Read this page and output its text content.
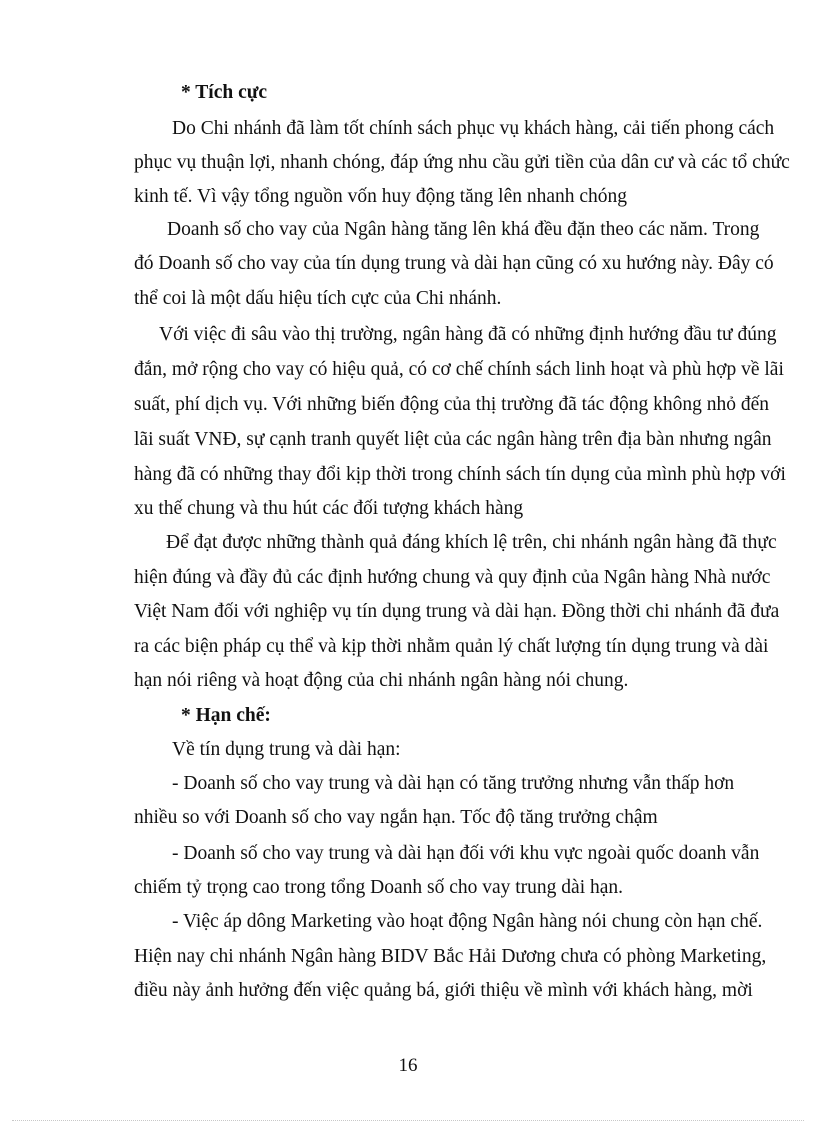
* Tích cực
Do Chi nhánh đã làm tốt chính sách phục vụ khách hàng, cải tiến phong cách
phục vụ thuận lợi, nhanh chóng, đáp ứng nhu cầu gửi tiền của dân cư và các tổ chức
kinh tế. Vì vậy tổng nguồn vốn huy động tăng lên nhanh chóng
Doanh số cho vay của Ngân hàng tăng lên khá đều đặn theo các năm. Trong
đó Doanh số cho vay của tín dụng trung và dài hạn cũng có xu hướng này. Đây có
thể coi là một dấu hiệu tích cực của Chi nhánh.
Với việc đi sâu vào thị trường, ngân hàng đã có những định hướng đầu tư đúng
đắn, mở rộng cho vay có hiệu quả, có cơ chế chính sách linh hoạt và phù hợp về lãi
suất, phí dịch vụ. Với những biến động của thị trường đã tác động không nhỏ đến
lãi suất VNĐ, sự cạnh tranh quyết liệt của các ngân hàng trên địa bàn nhưng ngân
hàng đã có những thay đổi kịp thời trong chính sách tín dụng của mình phù hợp với
xu thế chung và thu hút các đối tượng khách hàng
Để đạt được những thành quả đáng khích lệ trên, chi nhánh ngân hàng đã thực
hiện đúng và đầy đủ các định hướng chung và quy định của Ngân hàng Nhà nước
Việt Nam đối với nghiệp vụ tín dụng trung và dài hạn. Đồng thời chi nhánh đã đưa
ra các biện pháp cụ thể và kịp thời nhằm quản lý chất lượng tín dụng trung và dài
hạn nói riêng và hoạt động của chi nhánh ngân hàng nói chung.
* Hạn chế:
Về tín dụng trung và dài hạn:
- Doanh số cho vay trung và dài hạn có tăng trưởng nhưng vẫn thấp hơn
nhiều so với Doanh số cho vay ngắn hạn. Tốc độ tăng trưởng chậm
- Doanh số cho vay trung và dài hạn đối với khu vực ngoài quốc doanh vẫn
chiếm tỷ trọng cao trong tổng Doanh số cho vay trung dài hạn.
- Việc áp dông Marketing vào hoạt động Ngân hàng nói chung còn hạn chế.
Hiện nay chi nhánh Ngân hàng BIDV Bắc Hải Dương chưa có phòng Marketing,
điều này ảnh hưởng đến việc quảng bá, giới thiệu về mình với khách hàng, mời
16
